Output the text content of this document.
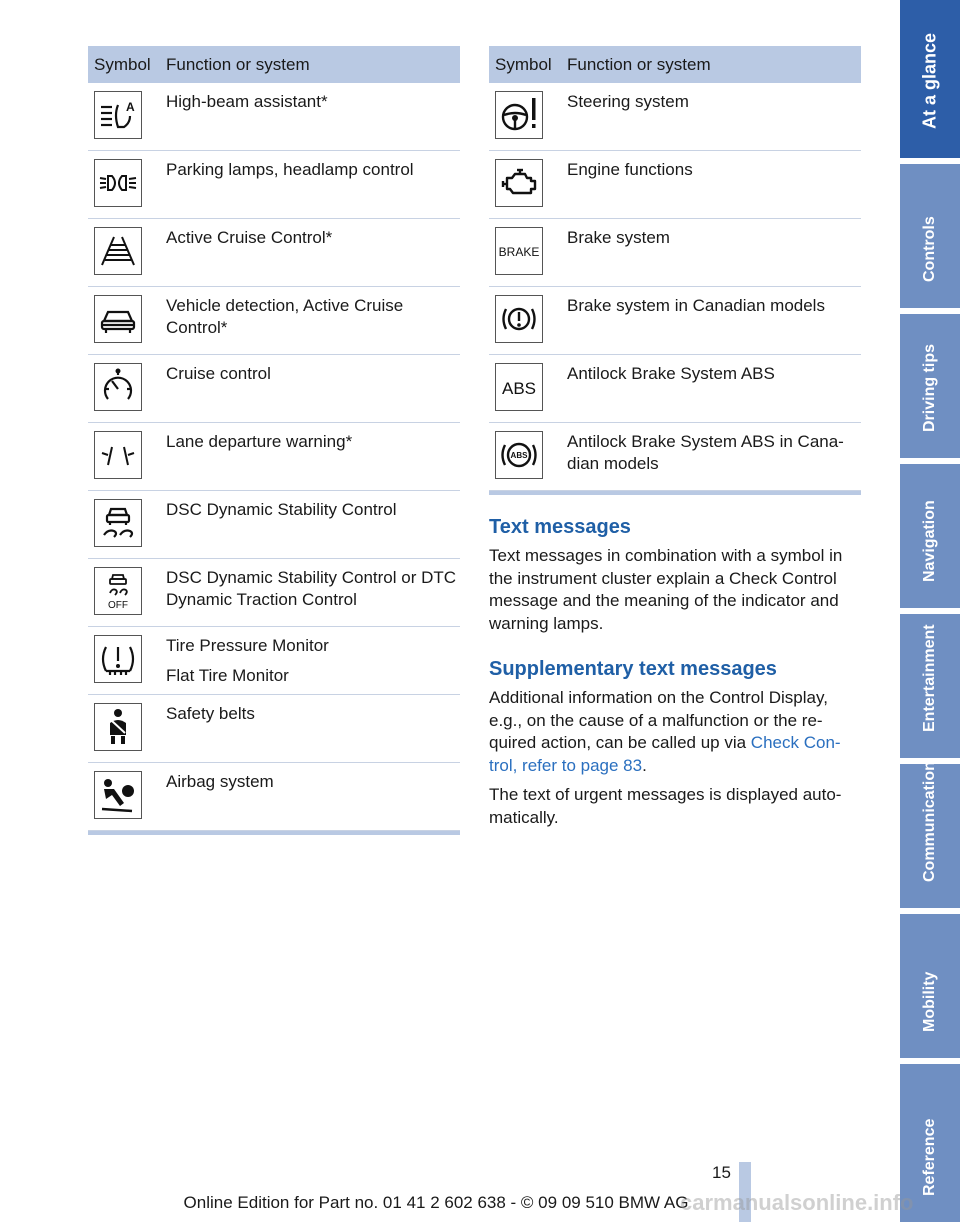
Symbol Function or system
A High-beam assistant*
Parking lamps, headlamp control
Active Cruise Control*
Vehicle detection, Active Cruise Control*
Cruise control
Lane departure warning*
DSC Dynamic Stability Control
OFF
DSC Dynamic Stability Control or DTC Dynamic Traction Control
Tire Pressure Monitor
Flat Tire Monitor
Safety belts
Airbag system
Symbol Function or system
Steering system
Engine functions
BRAKE
Brake system
Brake system in Canadian models
ABS
Antilock Brake System ABS
ABS
Antilock Brake System ABS in Cana-dian models
Text messages
Text messages in combination with a symbol in the instrument cluster explain a Check Control message and the meaning of the indicator and warning lamps.
Supplementary text messages
Additional information on the Control Display, e.g., on the cause of a malfunction or the re-quired action, can be called up via Check Con-trol, refer to page 83.
The text of urgent messages is displayed auto-matically.
At a glance
Controls
Driving tips
Navigation
Entertainment
Communication
Mobility
Reference
15
Online Edition for Part no. 01 41 2 602 638 - © 09 09 510 BMW AG
carmanualsonline.info
